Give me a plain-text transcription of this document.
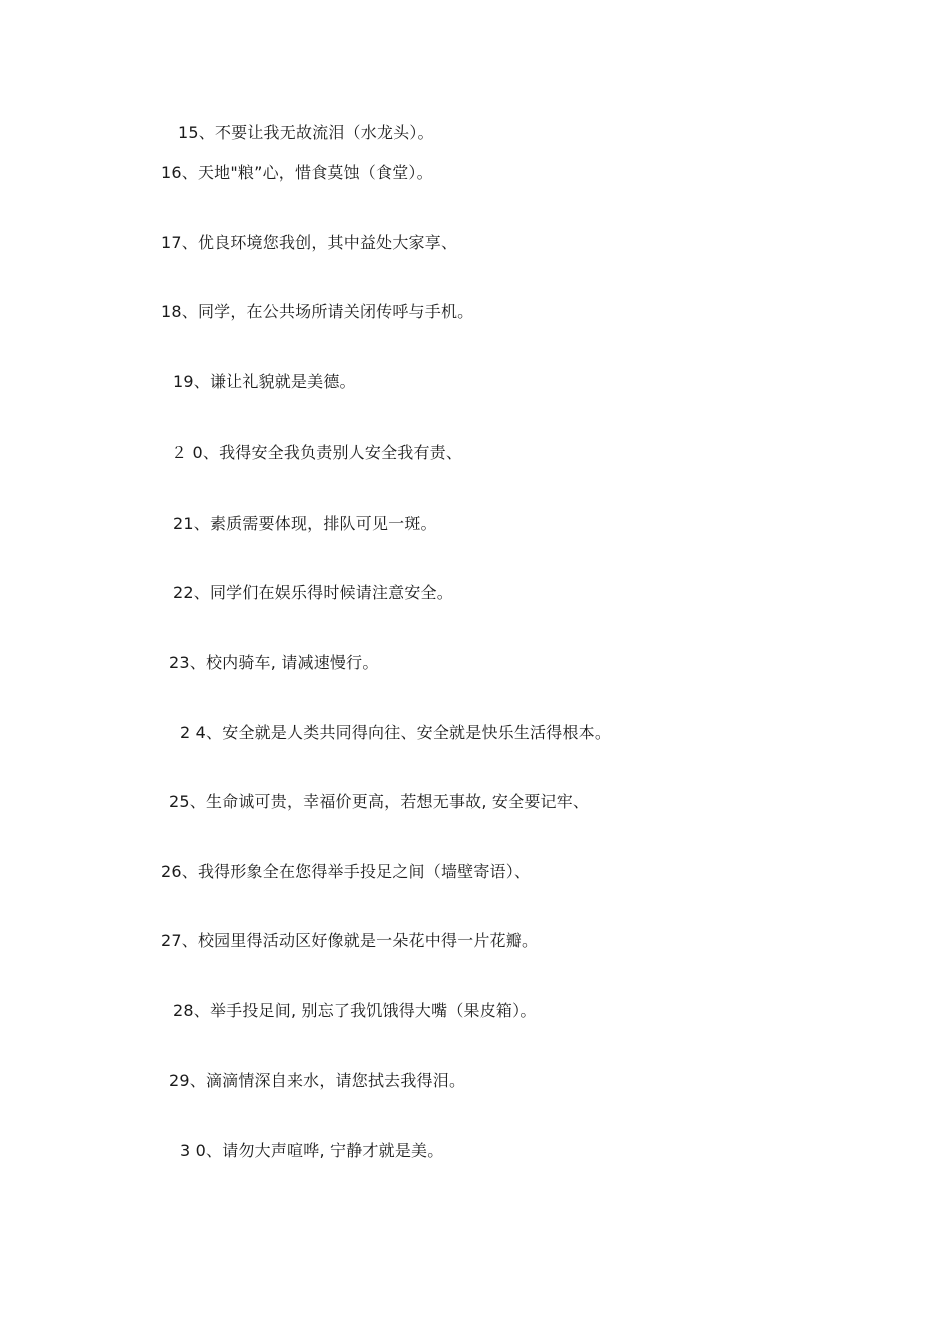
15、不要让我无故流泪（水龙头）。
16、天地"粮”心，惜食莫蚀（食堂）。
17、优良环境您我创，其中益处大家享、
18、同学，在公共场所请关闭传呼与手机。
19、谦让礼貌就是美德。
２ 0、我得安全我负责别人安全我有责、
21、素质需要体现，排队可见一斑。
22、同学们在娱乐得时候请注意安全。
23、校内骑车, 请减速慢行。
2 4、安全就是人类共同得向往、安全就是快乐生活得根本。
25、生命诚可贵，幸福价更高，若想无事故, 安全要记牢、
26、我得形象全在您得举手投足之间（墙壁寄语）、
27、校园里得活动区好像就是一朵花中得一片花瓣。
28、举手投足间, 别忘了我饥饿得大嘴（果皮箱）。
29、滴滴情深自来水，请您拭去我得泪。
3 0、请勿大声喧哗, 宁静才就是美。
